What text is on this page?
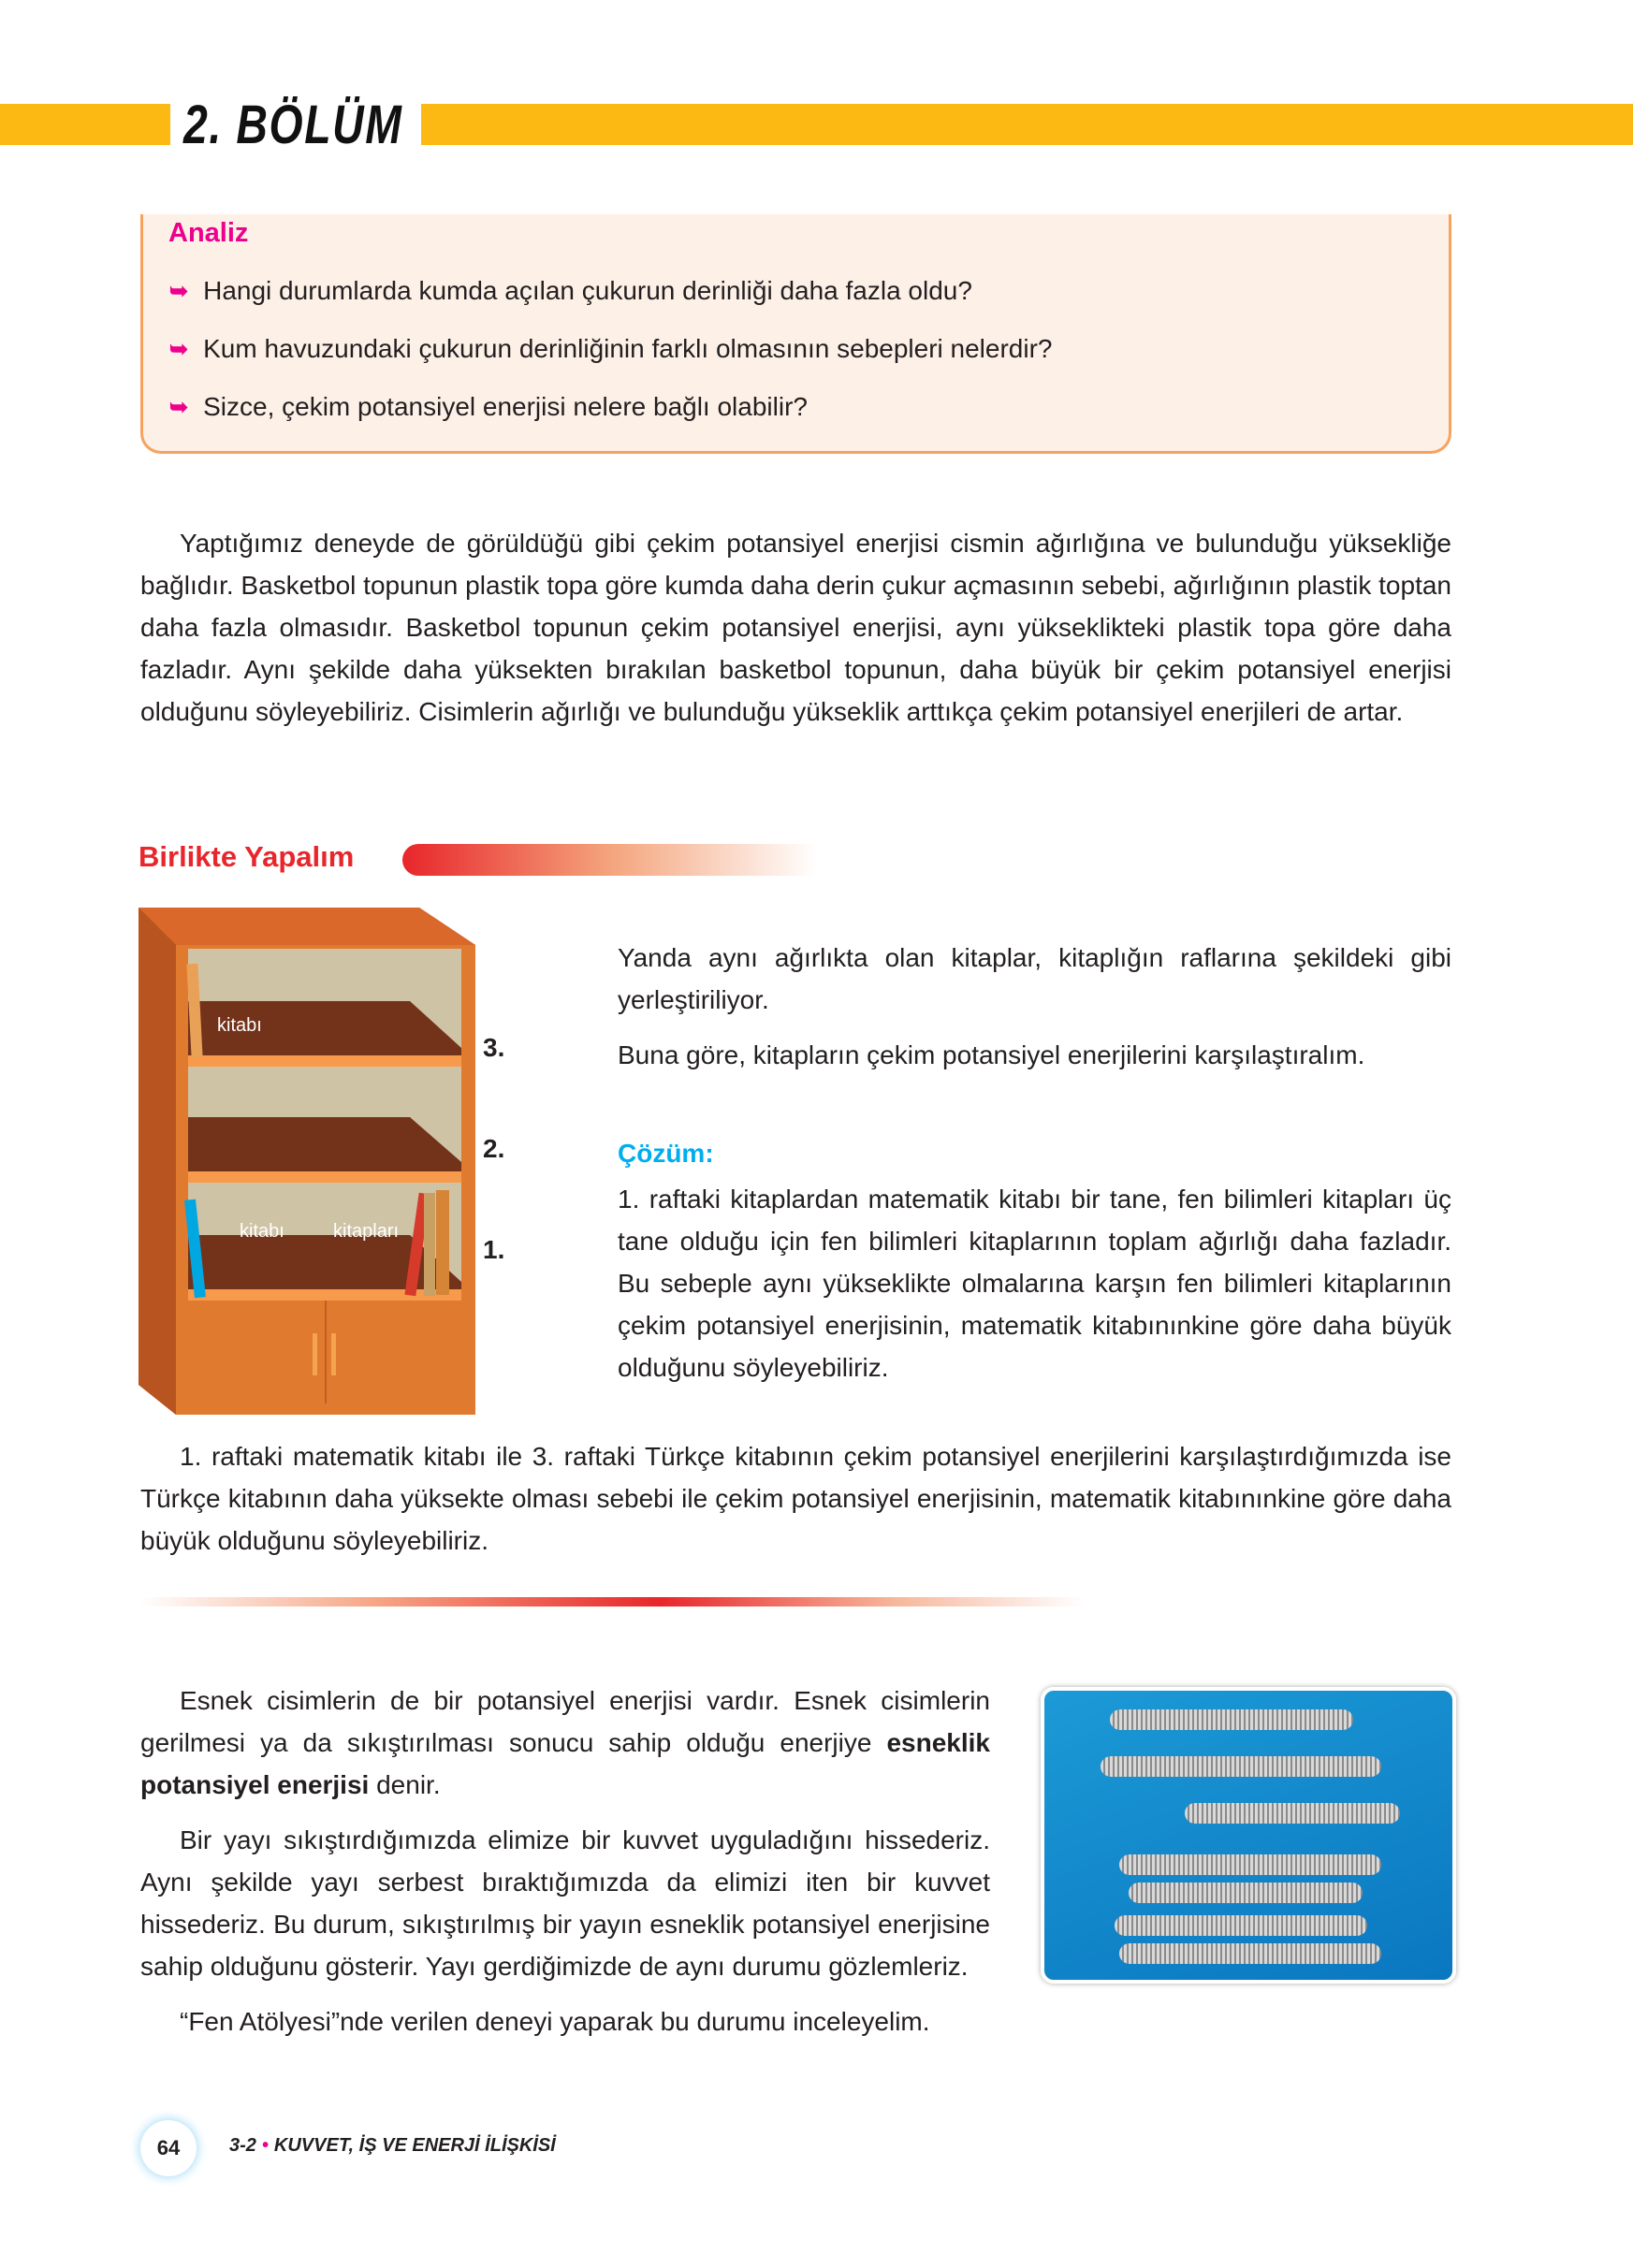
2. BÖLÜM
Analiz
➥ Hangi durumlarda kumda açılan çukurun derinliği daha fazla oldu?
➥ Kum havuzundaki çukurun derinliğinin farklı olmasının sebepleri nelerdir?
➥ Sizce, çekim potansiyel enerjisi nelere bağlı olabilir?

Yaptığımız deneyde de görüldüğü gibi çekim potansiyel enerjisi cismin ağırlığına ve bulunduğu yüksekliğe bağlıdır. Basketbol topunun plastik topa göre kumda daha derin çukur açmasının sebebi, ağırlığının plastik toptan daha fazla olmasıdır. Basketbol topunun çekim potansiyel enerjisi, aynı yükseklikteki plastik topa göre daha fazladır. Aynı şekilde daha yüksekten bırakılan basketbol topunun, daha büyük bir çekim potansiyel enerjisi olduğunu söyleyebiliriz. Cisimlerin ağırlığı ve bulunduğu yükseklik arttıkça çekim potansiyel enerjileri de artar.

Birlikte Yapalım
kitabı
kitabı	kitapları
3.
2.
1.
Yanda aynı ağırlıkta olan kitaplar, kitaplığın raflarına şekildeki gibi yerleştiriliyor.
Buna göre, kitapların çekim potansiyel enerjilerini karşılaştıralım.
Çözüm:
1. raftaki kitaplardan matematik kitabı bir tane, fen bilimleri kitapları üç tane olduğu için fen bilimleri kitaplarının toplam ağırlığı daha fazladır. Bu sebeple aynı yükseklikte olmalarına karşın fen bilimleri kitaplarının çekim potansiyel enerjisinin, matematik kitabınınkine göre daha büyük olduğunu söyleyebiliriz.

1. raftaki matematik kitabı ile 3. raftaki Türkçe kitabının çekim potansiyel enerjilerini karşılaştırdığımızda ise Türkçe kitabının daha yüksekte olması sebebi ile çekim potansiyel enerjisinin, matematik kitabınınkine göre daha büyük olduğunu söyleyebiliriz.

Esnek cisimlerin de bir potansiyel enerjisi vardır. Esnek cisimlerin gerilmesi ya da sıkıştırılması sonucu sahip olduğu enerjiye esneklik potansiyel enerjisi denir.

Bir yayı sıkıştırdığımızda elimize bir kuvvet uyguladığını hissederiz. Aynı şekilde yayı serbest bıraktığımızda da elimizi iten bir kuvvet hissederiz. Bu durum, sıkıştırılmış bir yayın esneklik potansiyel enerjisine sahip olduğunu gösterir. Yayı gerdiğimizde de aynı durumu gözlemleriz.

“Fen Atölyesi”nde verilen deneyi yaparak bu durumu inceleyelim.

64	3-2 • KUVVET, İŞ VE ENERJİ İLİŞKİSİ
